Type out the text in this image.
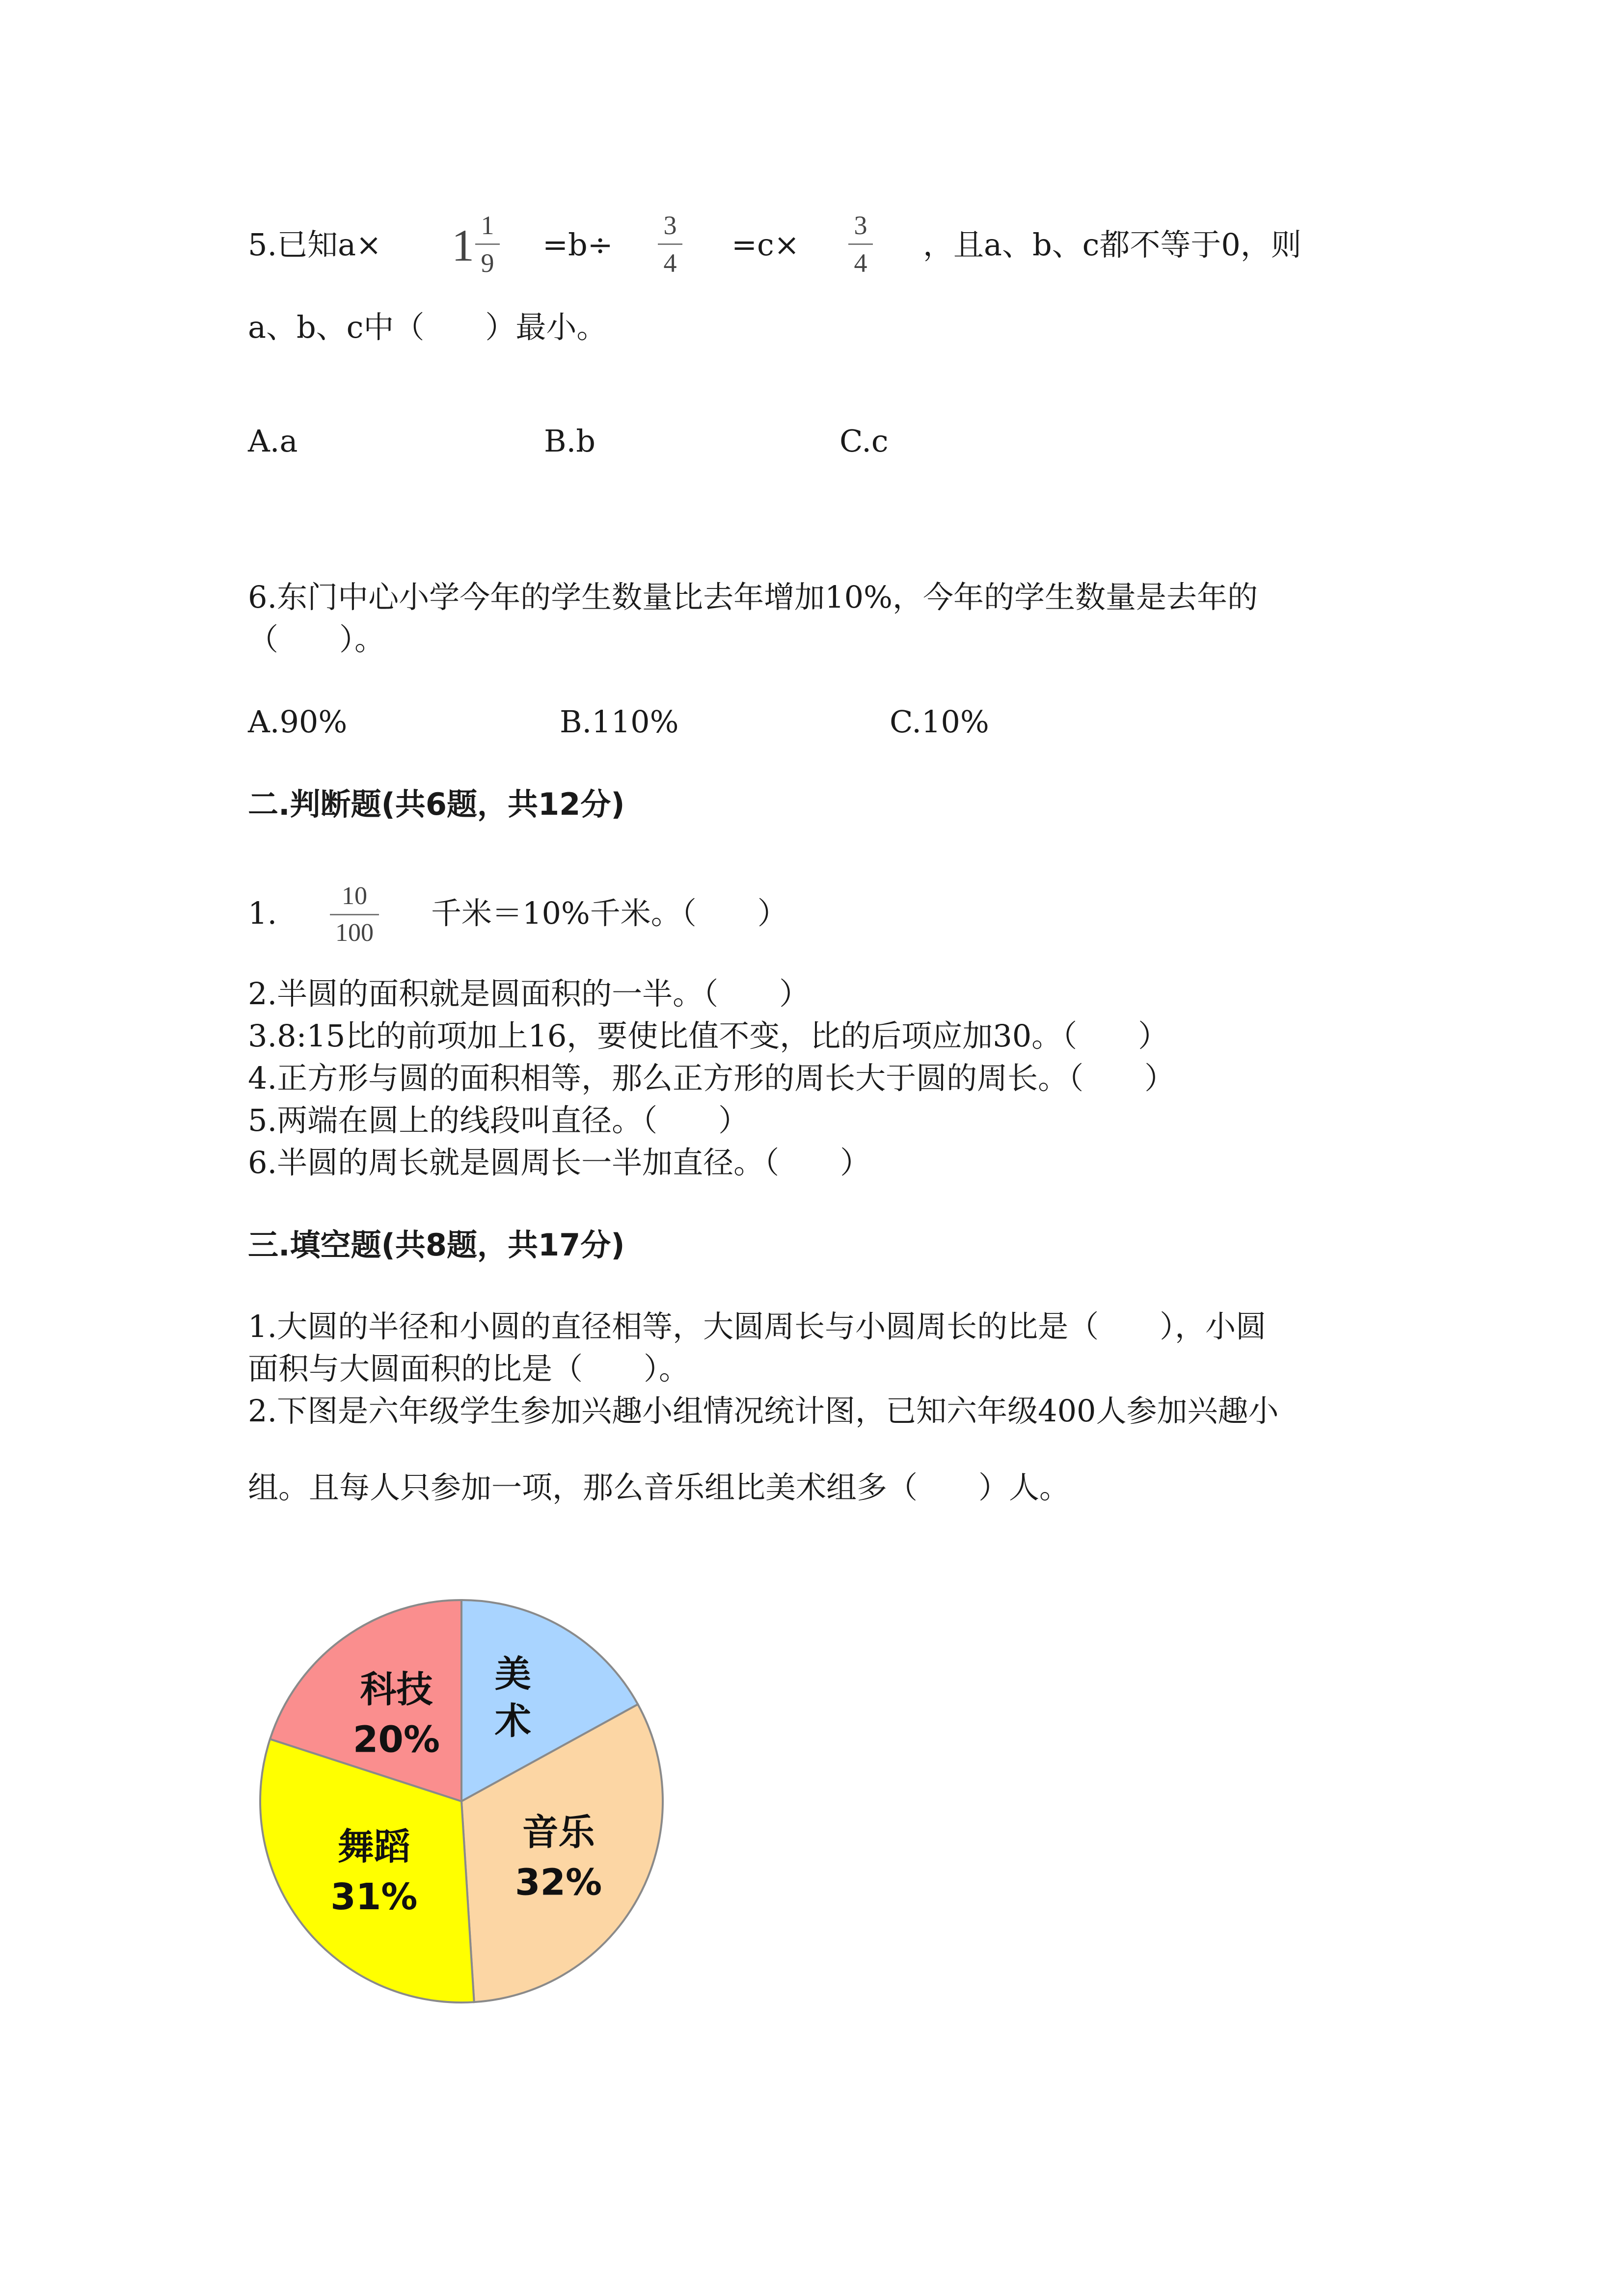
5.已知a× 1 1
9
=b÷
3
4
=c×
3
4
，且a、b、c都不等于0，则
a、b、c中（　　）最小。
A.a	B.b	C.c
6.东门中心小学今年的学生数量比去年增加10%，今年的学生数量是去年的
（　　）。
A.90%	B.110%	C.10%
二.判断题(共6题，共12分)
1.	10
100
千米＝10%千米。（　　）
2.半圆的面积就是圆面积的一半。（　　）
3.8:15比的前项加上16，要使比值不变，比的后项应加30。（　　）
4.正方形与圆的面积相等，那么正方形的周长大于圆的周长。（　　）
5.两端在圆上的线段叫直径。（　　）
6.半圆的周长就是圆周长一半加直径。（　　）
三.填空题(共8题，共17分)
1.大圆的半径和小圆的直径相等，大圆周长与小圆周长的比是（　　），小圆
面积与大圆面积的比是（　　）。
2.下图是六年级学生参加兴趣小组情况统计图，已知六年级400人参加兴趣小
组。且每人只参加一项，那么音乐组比美术组多（　　）人。
美
术
音乐
32%
舞蹈
31%
科技
20%
